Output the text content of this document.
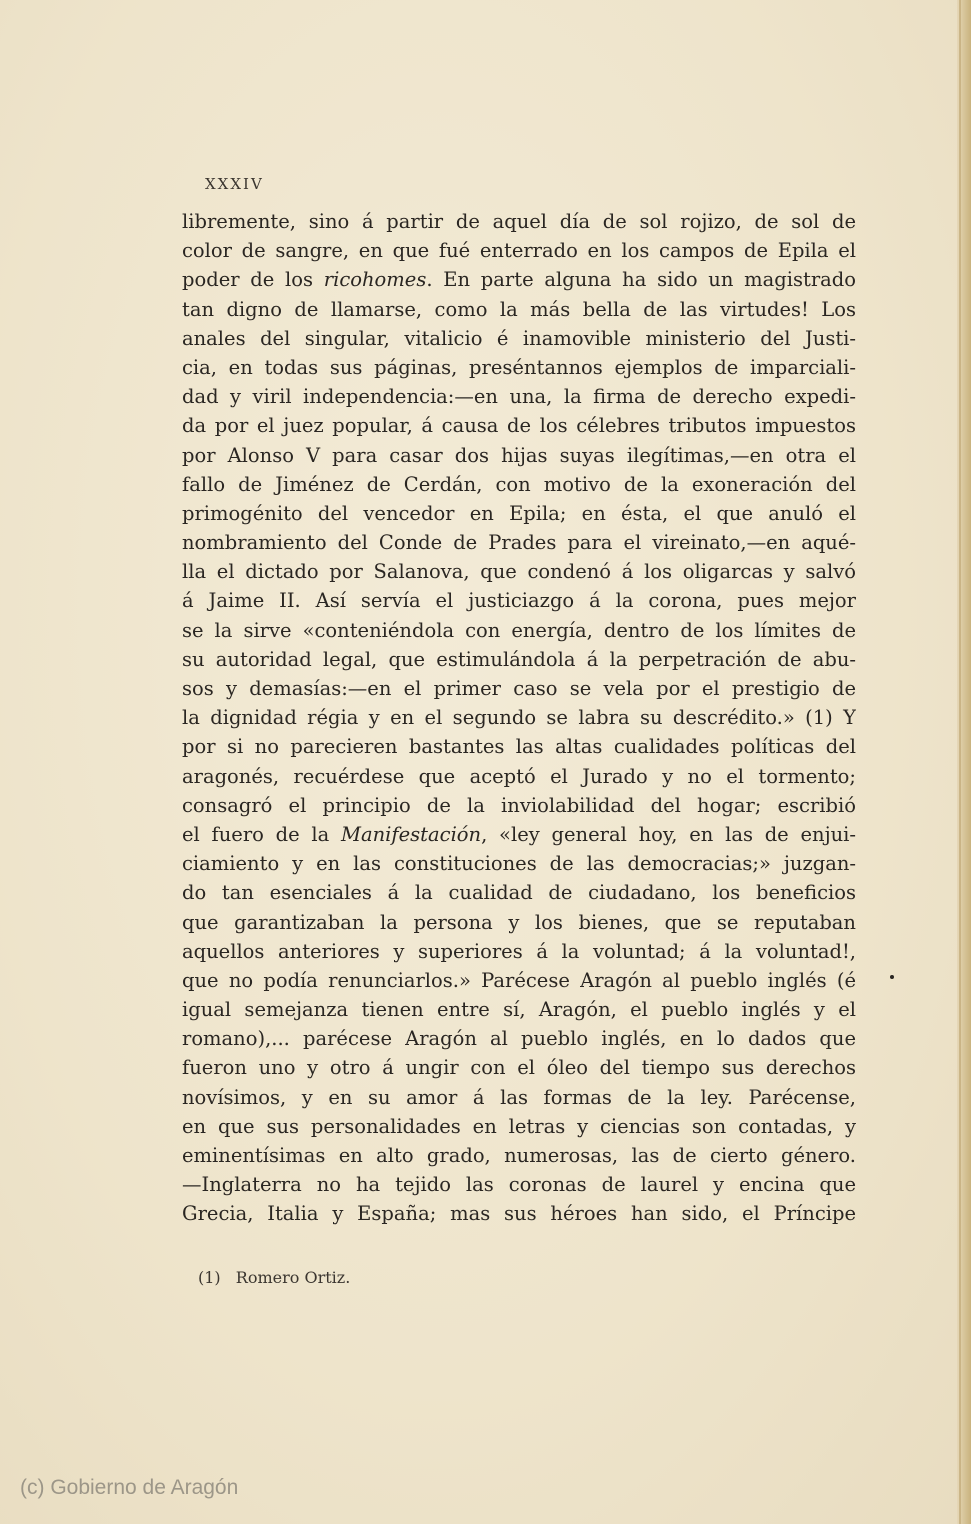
XXXIV
libremente, sino á partir de aquel día de sol rojizo, de sol de
color de sangre, en que fué enterrado en los campos de Epila el
poder de los ricohomes. En parte alguna ha sido un magistrado
tan digno de llamarse, como la más bella de las virtudes! Los
anales del singular, vitalicio é inamovible ministerio del Justi-
cia, en todas sus páginas, preséntannos ejemplos de imparciali-
dad y viril independencia:—en una, la firma de derecho expedi-
da por el juez popular, á causa de los célebres tributos impuestos
por Alonso V para casar dos hijas suyas ilegítimas,—en otra el
fallo de Jiménez de Cerdán, con motivo de la exoneración del
primogénito del vencedor en Epila; en ésta, el que anuló el
nombramiento del Conde de Prades para el vireinato,—en aqué-
lla el dictado por Salanova, que condenó á los oligarcas y salvó
á Jaime II. Así servía el justiciazgo á la corona, pues mejor
se la sirve «conteniéndola con energía, dentro de los límites de
su autoridad legal, que estimulándola á la perpetración de abu-
sos y demasías:—en el primer caso se vela por el prestigio de
la dignidad régia y en el segundo se labra su descrédito.» (1) Y
por si no parecieren bastantes las altas cualidades políticas del
aragonés, recuérdese que aceptó el Jurado y no el tormento;
consagró el principio de la inviolabilidad del hogar; escribió
el fuero de la Manifestación, «ley general hoy, en las de enjui-
ciamiento y en las constituciones de las democracias;» juzgan-
do tan esenciales á la cualidad de ciudadano, los beneficios
que garantizaban la persona y los bienes, que se reputaban
aquellos anteriores y superiores á la voluntad; á la voluntad!,
que no podía renunciarlos.» Parécese Aragón al pueblo inglés (é
igual semejanza tienen entre sí, Aragón, el pueblo inglés y el
romano),... parécese Aragón al pueblo inglés, en lo dados que
fueron uno y otro á ungir con el óleo del tiempo sus derechos
novísimos, y en su amor á las formas de la ley. Parécense,
en que sus personalidades en letras y ciencias son contadas, y
eminentísimas en alto grado, numerosas, las de cierto género.
—Inglaterra no ha tejido las coronas de laurel y encina que
Grecia, Italia y España; mas sus héroes han sido, el Príncipe
(1) Romero Ortiz.
(c) Gobierno de Aragón
